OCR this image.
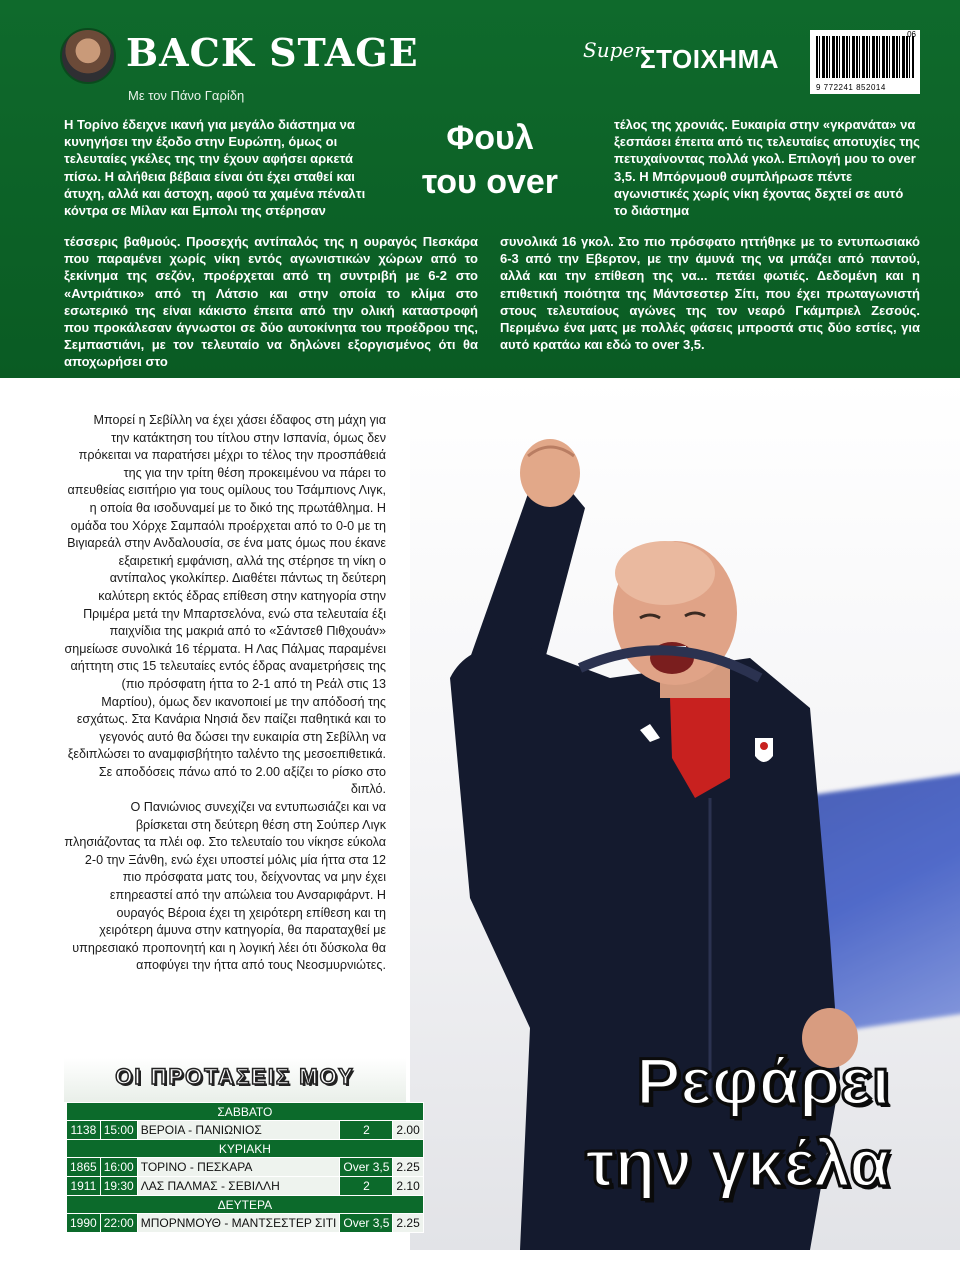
BACK STAGE
Με τον Πάνο Γαρίδη
Super
ΣΤΟΙΧΗΜΑ
9 772241 852014
06
Φουλ
του over

Η Τορίνο έδειχνε ικανή για μεγάλο διάστημα να κυνηγήσει την έξοδο στην Ευρώπη, όμως οι τελευταίες γκέλες της την έχουν αφήσει αρκετά πίσω. Η αλήθεια βέβαια είναι ότι έχει σταθεί και άτυχη, αλλά και άστοχη, αφού τα χαμένα πέναλτι κόντρα σε Μίλαν και Εμπολι της στέρησαν

τέσσερις βαθμούς. Προσεχής αντίπαλός της η ουραγός Πεσκάρα που παραμένει χωρίς νίκη εντός αγωνιστικών χώρων από το ξεκίνημα της σεζόν, προέρχεται από τη συντριβή με 6-2 στο «Αντριάτικο» από τη Λάτσιο και στην οποία το κλίμα στο εσωτερικό της είναι κάκιστο έπειτα από την ολική καταστροφή που προκάλεσαν άγνωστοι σε δύο αυτοκίνητα του προέδρου της, Σεμπαστιάνι, με τον τελευταίο να δηλώνει εξοργισμένος ότι θα αποχωρήσει στο

τέλος της χρονιάς. Ευκαιρία στην «γκρανάτα» να ξεσπάσει έπειτα από τις τελευταίες αποτυχίες της πετυχαίνοντας πολλά γκολ. Επιλογή μου το over 3,5. Η Μπόρνμουθ συμπλήρωσε πέντε αγωνιστικές χωρίς νίκη έχοντας δεχτεί σε αυτό το διάστημα

συνολικά 16 γκολ. Στο πιο πρόσφατο ηττήθηκε με το εντυπωσιακό 6-3 από την Εβερτον, με την άμυνά της να μπάζει από παντού, αλλά και την επίθεση της να... πετάει φωτιές. Δεδομένη και η επιθετική ποιότητα της Μάντσεστερ Σίτι, που έχει πρωταγωνιστή στους τελευταίους αγώνες της τον νεαρό Γκάμπριελ Ζεσούς. Περιμένω ένα ματς με πολλές φάσεις μπροστά στις δύο εστίες, για αυτό κρατάω και εδώ το over 3,5.

Μπορεί η Σεβίλλη να έχει χάσει έδαφος στη μάχη για την κατάκτηση του τίτλου στην Ισπανία, όμως δεν πρόκειται να παρατήσει μέχρι το τέλος την προσπάθειά της για την τρίτη θέση προκειμένου να πάρει το απευθείας εισιτήριο για τους ομίλους του Τσάμπιονς Λιγκ, η οποία θα ισοδυναμεί με το δικό της πρωτάθλημα. Η ομάδα του Χόρχε Σαμπαόλι προέρχεται από το 0-0 με τη Βιγιαρεάλ στην Ανδαλουσία, σε ένα ματς όμως που έκανε εξαιρετική εμφάνιση, αλλά της στέρησε τη νίκη ο αντίπαλος γκολκίπερ. Διαθέτει πάντως τη δεύτερη καλύτερη εκτός έδρας επίθεση στην κατηγορία στην Πριμέρα μετά την Μπαρτσελόνα, ενώ στα τελευταία έξι παιχνίδια της μακριά από το «Σάντσεθ Πιθχουάν» σημείωσε συνολικά 16 τέρματα. Η Λας Πάλμας παραμένει αήττητη στις 15 τελευταίες εντός έδρας αναμετρήσεις της (πιο πρόσφατη ήττα το 2-1 από τη Ρεάλ στις 13 Μαρτίου), όμως δεν ικανοποιεί με την απόδοσή της εσχάτως. Στα Κανάρια Νησιά δεν παίζει παθητικά και το γεγονός αυτό θα δώσει την ευκαιρία στη Σεβίλλη να ξεδιπλώσει το αναμφισβήτητο ταλέντο της μεσοεπιθετικά. Σε αποδόσεις πάνω από το 2.00 αξίζει το ρίσκο στο διπλό.

Ο Πανιώνιος συνεχίζει να εντυπωσιάζει και να βρίσκεται στη δεύτερη θέση στη Σούπερ Λιγκ πλησιάζοντας τα πλέι οφ. Στο τελευταίο του νίκησε εύκολα 2-0 την Ξάνθη, ενώ έχει υποστεί μόλις μία ήττα στα 12 πιο πρόσφατα ματς του, δείχνοντας να μην έχει επηρεαστεί από την απώλεια του Ανσαριφάρντ. Η ουραγός Βέροια έχει τη χειρότερη επίθεση και τη χειρότερη άμυνα στην κατηγορία, θα παραταχθεί με υπηρεσιακό προπονητή και η λογική λέει ότι δύσκολα θα αποφύγει την ήττα από τους Νεοσμυρνιώτες.

Ρεφάρει
την γκέλα
ΟΙ ΠΡΟΤΑΣΕΙΣ ΜΟΥ
ΣΑΒΒΑΤΟ				
1138	15:00	ΒΕΡΟΙΑ - ΠΑΝΙΩΝΙΟΣ	2	2.00
ΚΥΡΙΑΚΗ				
1865	16:00	ΤΟΡΙΝΟ - ΠΕΣΚΑΡΑ	Over 3,5	2.25
1911	19:30	ΛΑΣ ΠΑΛΜΑΣ - ΣΕΒΙΛΛΗ	2	2.10
ΔΕΥΤΕΡΑ				
1990	22:00	ΜΠΟΡΝΜΟΥΘ - ΜΑΝΤΣΕΣΤΕΡ ΣΙΤΙ	Over 3,5	2.25
